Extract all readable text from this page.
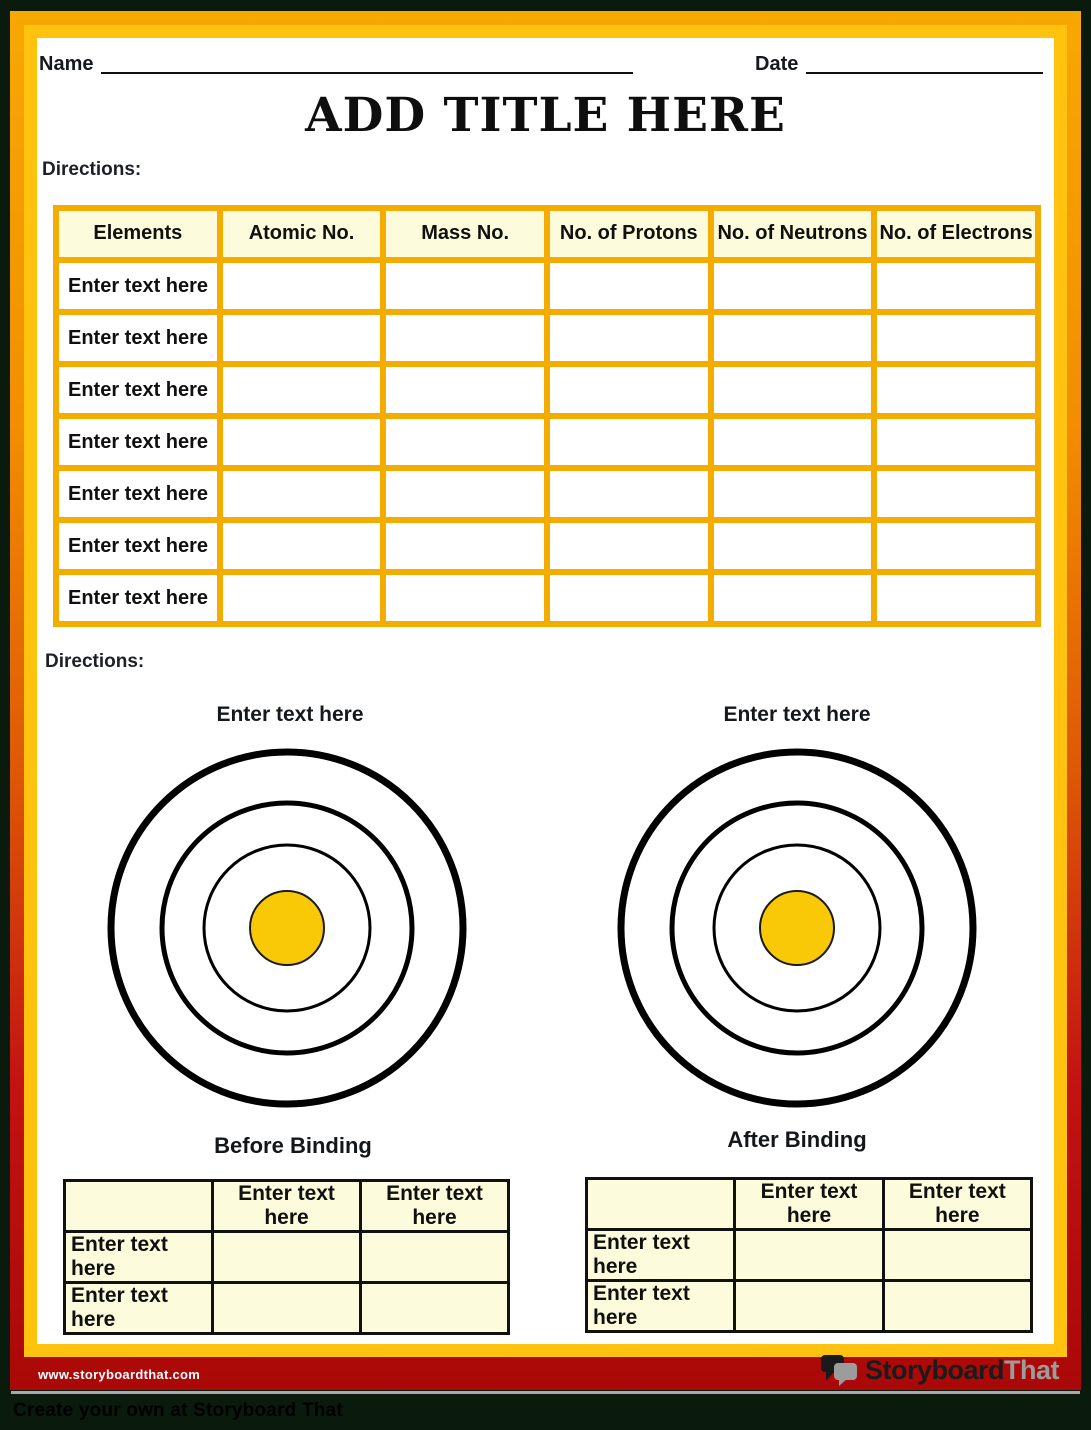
Name	Date
ADD TITLE HERE
Directions:
Elements	Atomic No.	Mass No.	No. of Protons	No. of Neutrons	No. of Electrons

Enter text here					
Enter text here					
Enter text here					
Enter text here					
Enter text here					
Enter text here					
Enter text here					
Directions:
Enter text here	Enter text here
Before Binding	After Binding
	Enter text here	Enter text here
Enter text here		
Enter text here		
	Enter text here	Enter text here
Enter text here		
Enter text here		
www.storyboardthat.com	StoryboardThat
Create your own at Storyboard That
